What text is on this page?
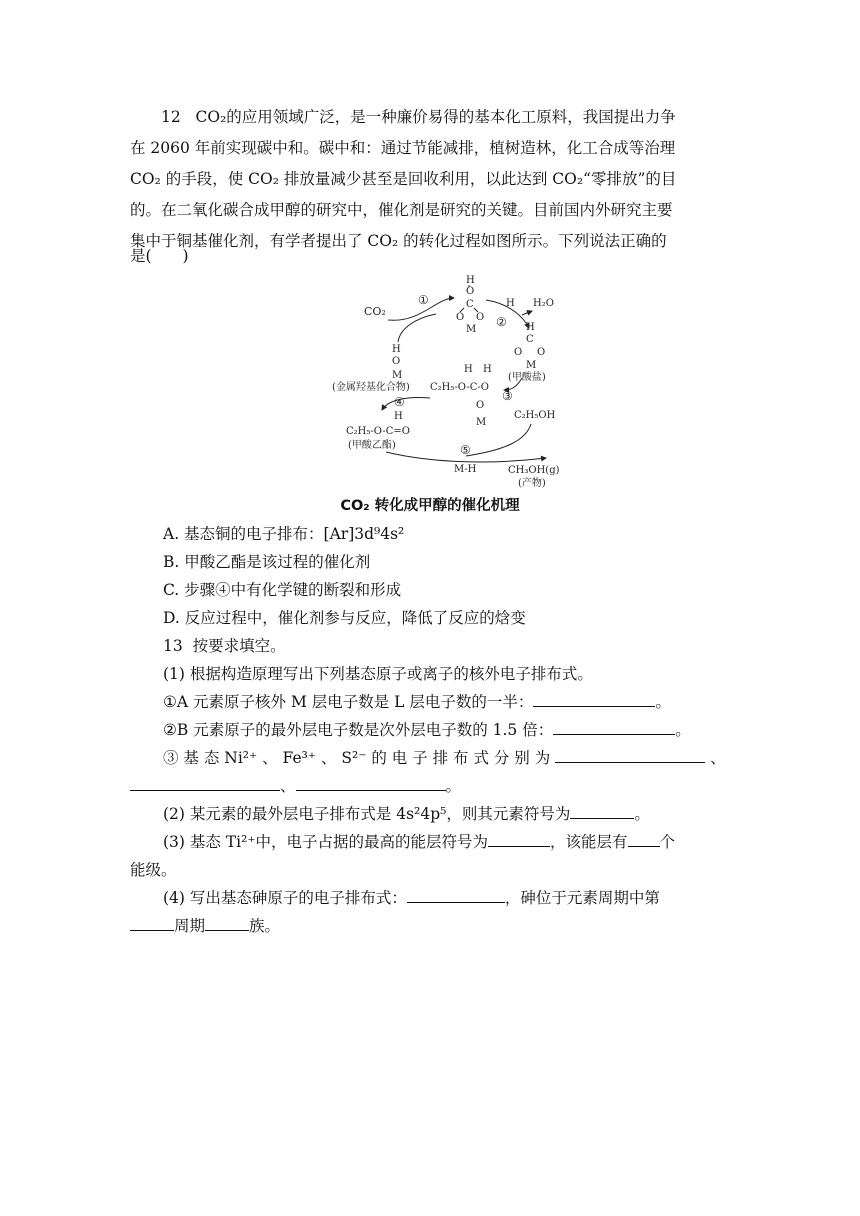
12 CO₂的应用领域广泛，是一种廉价易得的基本化工原料，我国提出力争
在 2060 年前实现碳中和。碳中和：通过节能减排，植树造林，化工合成等治理
CO₂ 的手段，使 CO₂ 排放量减少甚至是回收利用，以此达到 CO₂“零排放”的目
的。在二氧化碳合成甲醇的研究中，催化剂是研究的关键。目前国内外研究主要
集中于铜基催化剂，有学者提出了 CO₂ 的转化过程如图所示。下列说法正确的
是(　　)
CO₂
①
H
O
C
O O
M
H H₂O
② H
C
O O
M
(甲酸盐)
H
O
M
(金属羟基化合物)
H H
C₂H₅-O-C-O
O
M
③
④
H
C₂H₅-O-C=O
(甲酸乙酯)
C₂H₅OH
⑤
M-H	CH₃OH(g)
(产物)
CO₂ 转化成甲醇的催化机理
A. 基态铜的电子排布：[Ar]3d⁹4s²
B. 甲酸乙酯是该过程的催化剂
C. 步骤④中有化学键的断裂和形成
D. 反应过程中，催化剂参与反应，降低了反应的焓变
13 按要求填空。
(1) 根据构造原理写出下列基态原子或离子的核外电子排布式。
①A 元素原子核外 M 层电子数是 L 层电子数的一半：	。
②B 元素原子的最外层电子数是次外层电子数的 1.5 倍：	。
③ 基 态 Ni²⁺ 、 Fe³⁺ 、 S²⁻ 的 电 子 排 布 式 分 别 为	、
、	。
(2) 某元素的最外层电子排布式是 4s²4p⁵，则其元素符号为	。
(3) 基态 Ti²⁺中，电子占据的最高的能层符号为	，该能层有 个
能级。
(4) 写出基态砷原子的电子排布式：	，砷位于元素周期中第
周期	族。
